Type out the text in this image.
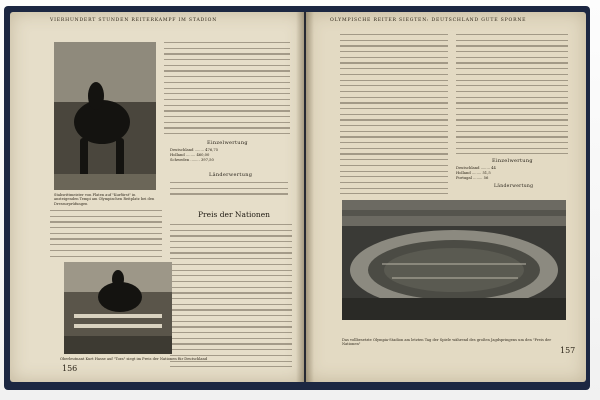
VIERHUNDERT STUNDEN REITERKAMPF IM STADION
Stabsrittmeister von Platen auf "Kurfürst" in ansteigenden Tempi am Olympischen Reitplatz bei den Dressurprüfungen
Einzelwertung
Deutschland ........ 476,75
Holland ........ 460,00
Schweden ........ 397,50
Länderwertung
Preis der Nationen
Oberleutnant Kurt Hasse auf "Tora" siegt im Preis der Nationen für Deutschland
156
OLYMPISCHE REITER SIEGTEN: DEUTSCHLAND GUTE SPORNE
Einzelwertung
Deutschland ........ 44
Holland ........ 51,5
Portugal ........ 56
Länderwertung
Das vollbesetzte Olympia-Stadion am letzten Tag der Spiele während des großen Jagdspringens um den "Preis der Nationen"
157
